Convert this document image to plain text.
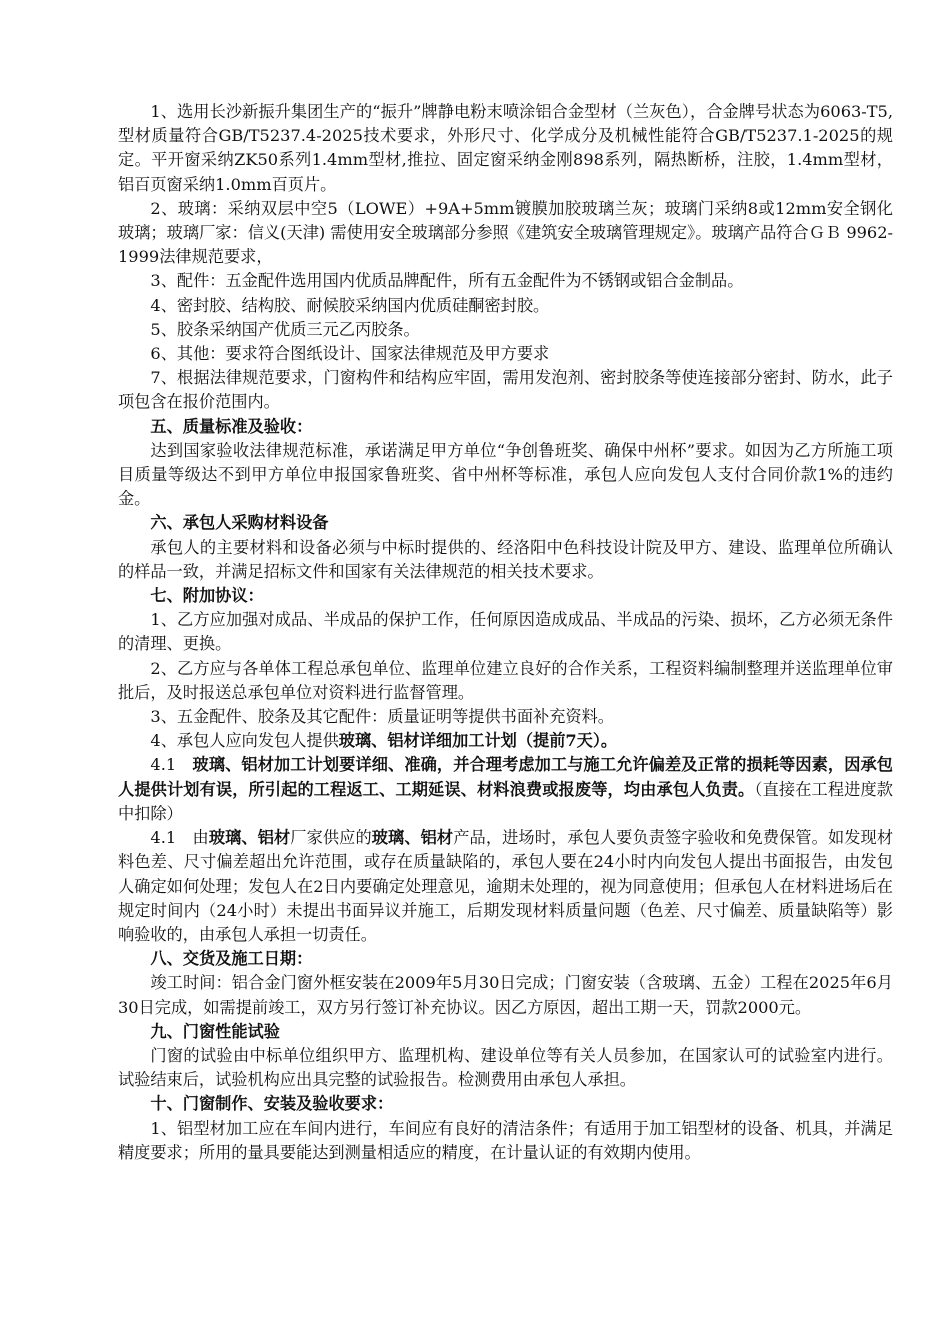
1、选用长沙新振升集团生产的“振升”牌静电粉末喷涂铝合金型材（兰灰色），合金牌号状态为6063-T5,型材质量符合GB/T5237.4-2025技术要求，外形尺寸、化学成分及机械性能符合GB/T5237.1-2025的规定。平开窗采纳ZK50系列1.4mm型材,推拉、固定窗采纳金刚898系列，隔热断桥，注胶，1.4mm型材，铝百页窗采纳1.0mm百页片。

2、玻璃：采纳双层中空5（LOWE）+9A+5mm镀膜加胶玻璃兰灰；玻璃门采纳8或12mm安全钢化玻璃；玻璃厂家：信义(天津) 需使用安全玻璃部分参照《建筑安全玻璃管理规定》。玻璃产品符合ＧＢ 9962-1999法律规范要求，

3、配件：五金配件选用国内优质品牌配件，所有五金配件为不锈钢或铝合金制品。

4、密封胶、结构胶、耐候胶采纳国内优质硅酮密封胶。

5、胶条采纳国产优质三元乙丙胶条。

6、其他：要求符合图纸设计、国家法律规范及甲方要求

7、根据法律规范要求，门窗构件和结构应牢固，需用发泡剂、密封胶条等使连接部分密封、防水，此子项包含在报价范围内。

五、质量标准及验收：

达到国家验收法律规范标准，承诺满足甲方单位“争创鲁班奖、确保中州杯”要求。如因为乙方所施工项目质量等级达不到甲方单位申报国家鲁班奖、省中州杯等标准，承包人应向发包人支付合同价款1%的违约金。

六、承包人采购材料设备

承包人的主要材料和设备必须与中标时提供的、经洛阳中色科技设计院及甲方、建设、监理单位所确认的样品一致，并满足招标文件和国家有关法律规范的相关技术要求。

七、附加协议：

1、乙方应加强对成品、半成品的保护工作，任何原因造成成品、半成品的污染、损坏，乙方必须无条件的清理、更换。

2、乙方应与各单体工程总承包单位、监理单位建立良好的合作关系，工程资料编制整理并送监理单位审批后，及时报送总承包单位对资料进行监督管理。

3、五金配件、胶条及其它配件：质量证明等提供书面补充资料。

4、承包人应向发包人提供玻璃、铝材详细加工计划（提前7天）。

4.1　玻璃、铝材加工计划要详细、准确，并合理考虑加工与施工允许偏差及正常的损耗等因素，因承包人提供计划有误，所引起的工程返工、工期延误、材料浪费或报废等，均由承包人负责。（直接在工程进度款中扣除）

4.1　由玻璃、铝材厂家供应的玻璃、铝材产品，进场时，承包人要负责签字验收和免费保管。如发现材料色差、尺寸偏差超出允许范围，或存在质量缺陷的，承包人要在24小时内向发包人提出书面报告，由发包人确定如何处理；发包人在2日内要确定处理意见，逾期未处理的，视为同意使用；但承包人在材料进场后在规定时间内（24小时）未提出书面异议并施工，后期发现材料质量问题（色差、尺寸偏差、质量缺陷等）影响验收的，由承包人承担一切责任。

八、交货及施工日期：

竣工时间：铝合金门窗外框安装在2009年5月30日完成；门窗安装（含玻璃、五金）工程在2025年6月30日完成，如需提前竣工，双方另行签订补充协议。因乙方原因，超出工期一天，罚款2000元。

九、门窗性能试验

门窗的试验由中标单位组织甲方、监理机构、建设单位等有关人员参加，在国家认可的试验室内进行。试验结束后，试验机构应出具完整的试验报告。检测费用由承包人承担。

十、门窗制作、安装及验收要求：

1、铝型材加工应在车间内进行，车间应有良好的清洁条件；有适用于加工铝型材的设备、机具，并满足精度要求；所用的量具要能达到测量相适应的精度，在计量认证的有效期内使用。
